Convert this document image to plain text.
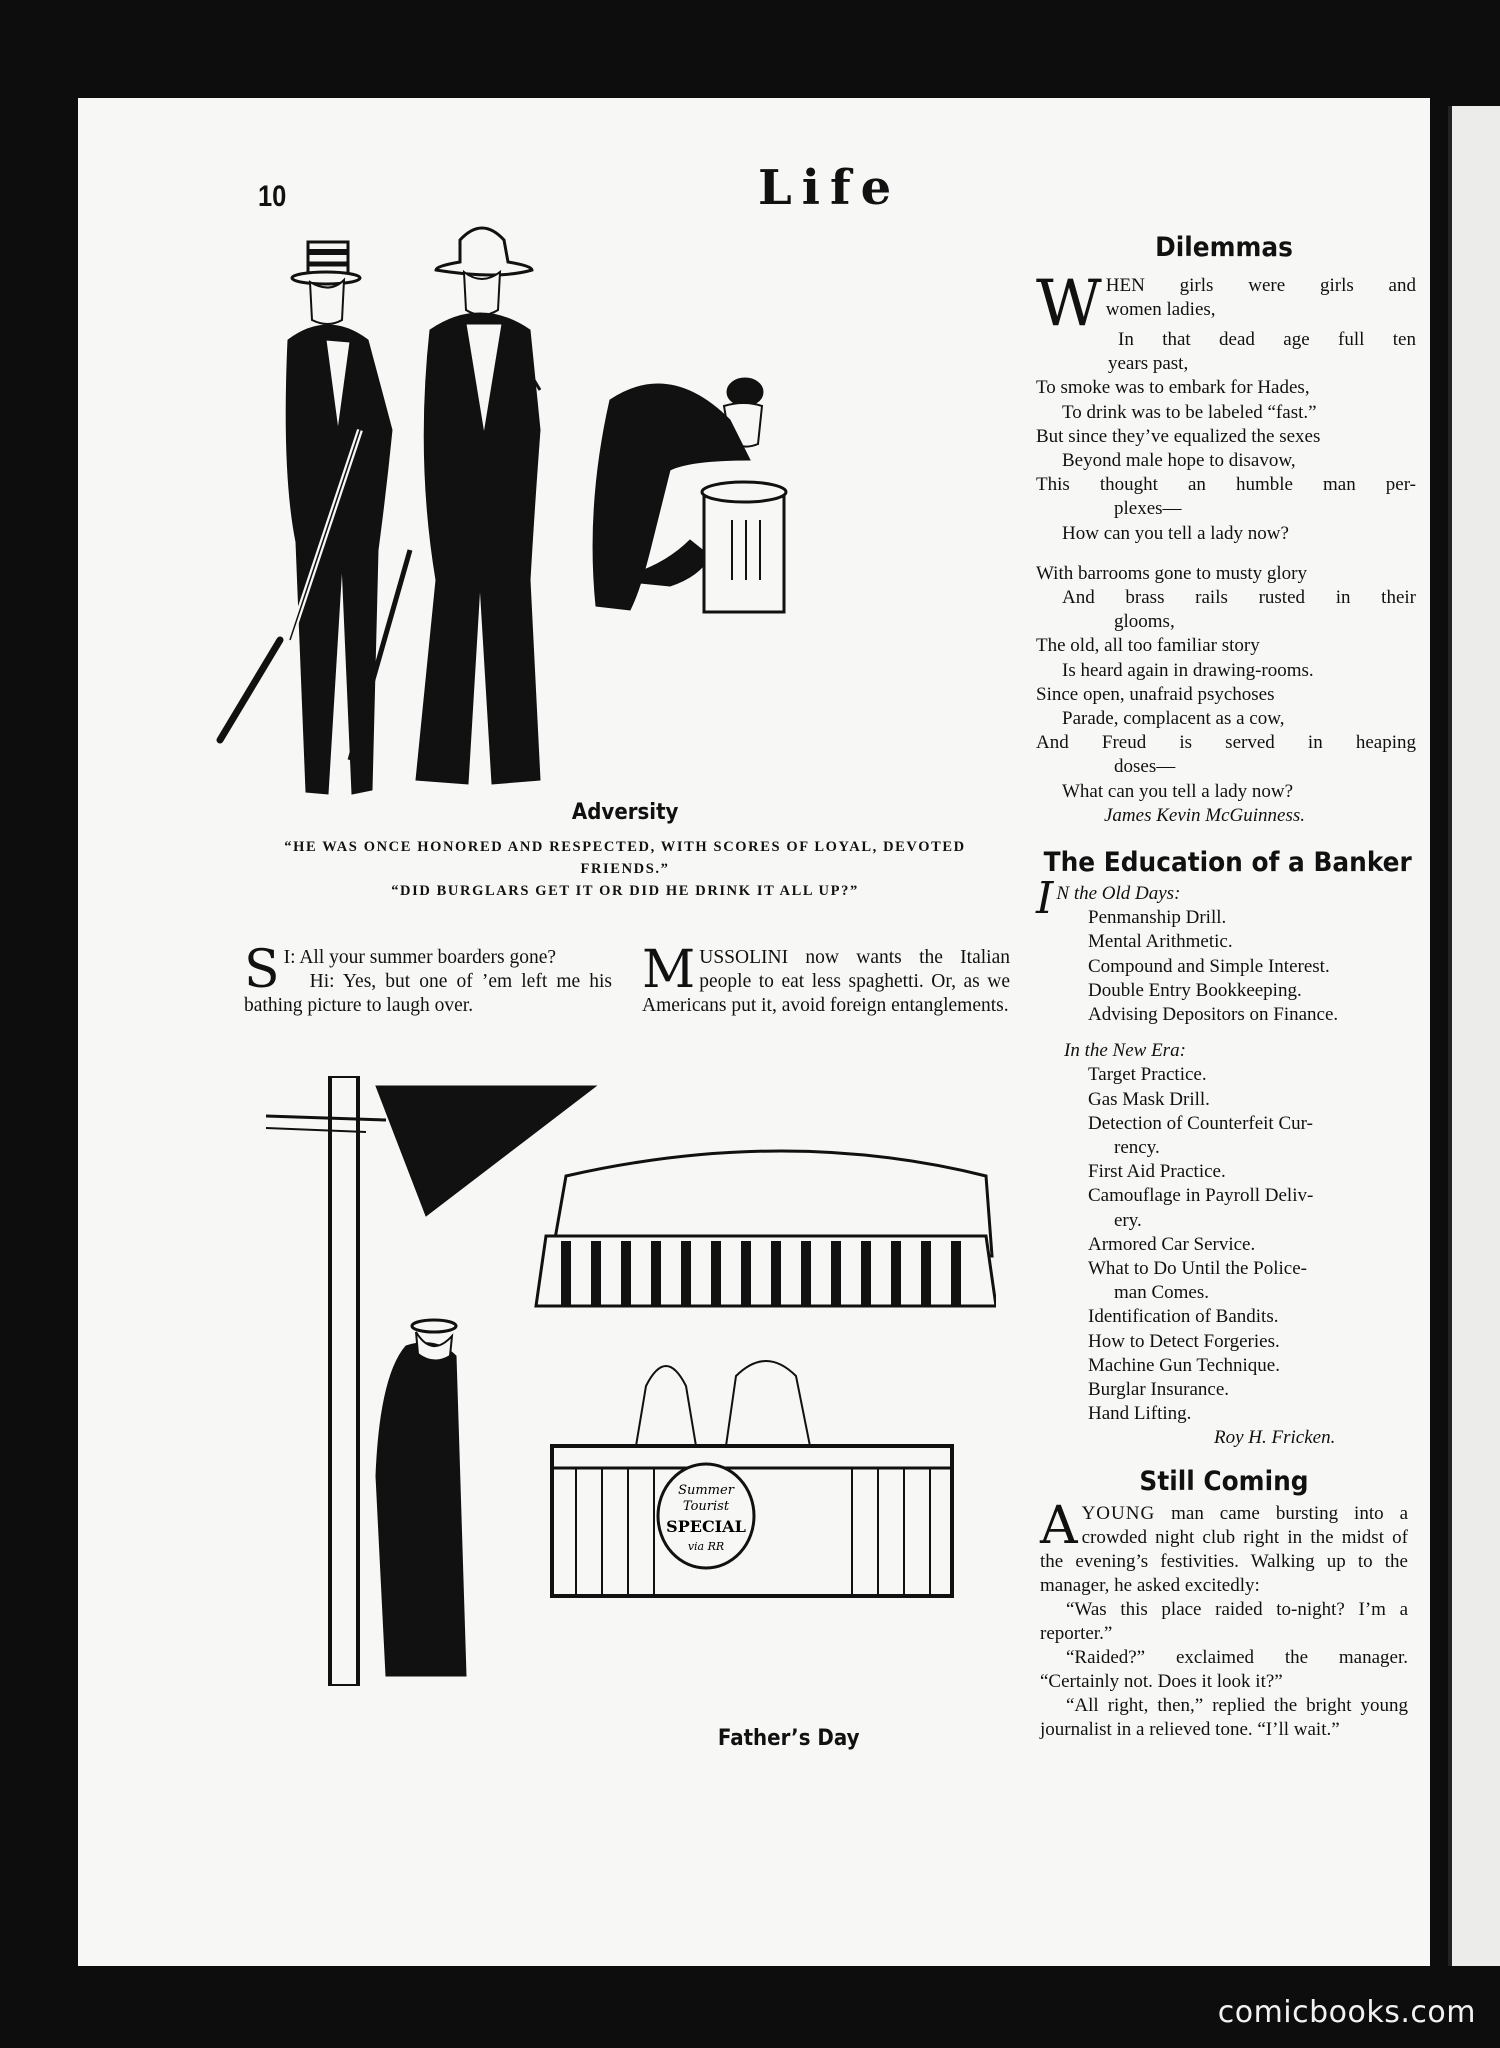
10	Life
Adversity
“HE WAS ONCE HONORED AND RESPECTED, WITH SCORES OF LOYAL, DEVOTED FRIENDS.”
“DID BURGLARS GET IT OR DID HE DRINK IT ALL UP?”
S I: All your summer boarders gone?

Hi: Yes, but one of ’em left me his bathing picture to laugh over.

M USSOLINI now wants the Italian people to eat less spaghetti. Or, as we Americans put it, avoid foreign entanglements.

Summer
Tourist
SPECIAL
via RR
Father’s Day
Dilemmas
W HEN girls were girls and
women ladies,
In that dead age full ten
years past,
To smoke was to embark for Hades,
To drink was to be labeled “fast.”
But since they’ve equalized the sexes
Beyond male hope to disavow,
This thought an humble man per-
plexes—
How can you tell a lady now?
With barrooms gone to musty glory
And brass rails rusted in their
glooms,
The old, all too familiar story
Is heard again in drawing-rooms.
Since open, unafraid psychoses
Parade, complacent as a cow,
And Freud is served in heaping
doses—
What can you tell a lady now?
James Kevin McGuinness.
The Education of a Banker
I N the Old Days:
Penmanship Drill.
Mental Arithmetic.
Compound and Simple Interest.
Double Entry Bookkeeping.
Advising Depositors on Finance.
In the New Era:
Target Practice.
Gas Mask Drill.
Detection of Counterfeit Cur-
rency.
First Aid Practice.
Camouflage in Payroll Deliv-
ery.
Armored Car Service.
What to Do Until the Police-
man Comes.
Identification of Bandits.
How to Detect Forgeries.
Machine Gun Technique.
Burglar Insurance.
Hand Lifting.
Roy H. Fricken.
Still Coming
A YOUNG man came bursting into a crowded night club right in the midst of the evening’s festivities. Walking up to the manager, he asked excitedly:

“Was this place raided to-night? I’m a reporter.”

“Raided?” exclaimed the manager. “Certainly not. Does it look it?”

“All right, then,” replied the bright young journalist in a relieved tone. “I’ll wait.”

comicbooks.com
